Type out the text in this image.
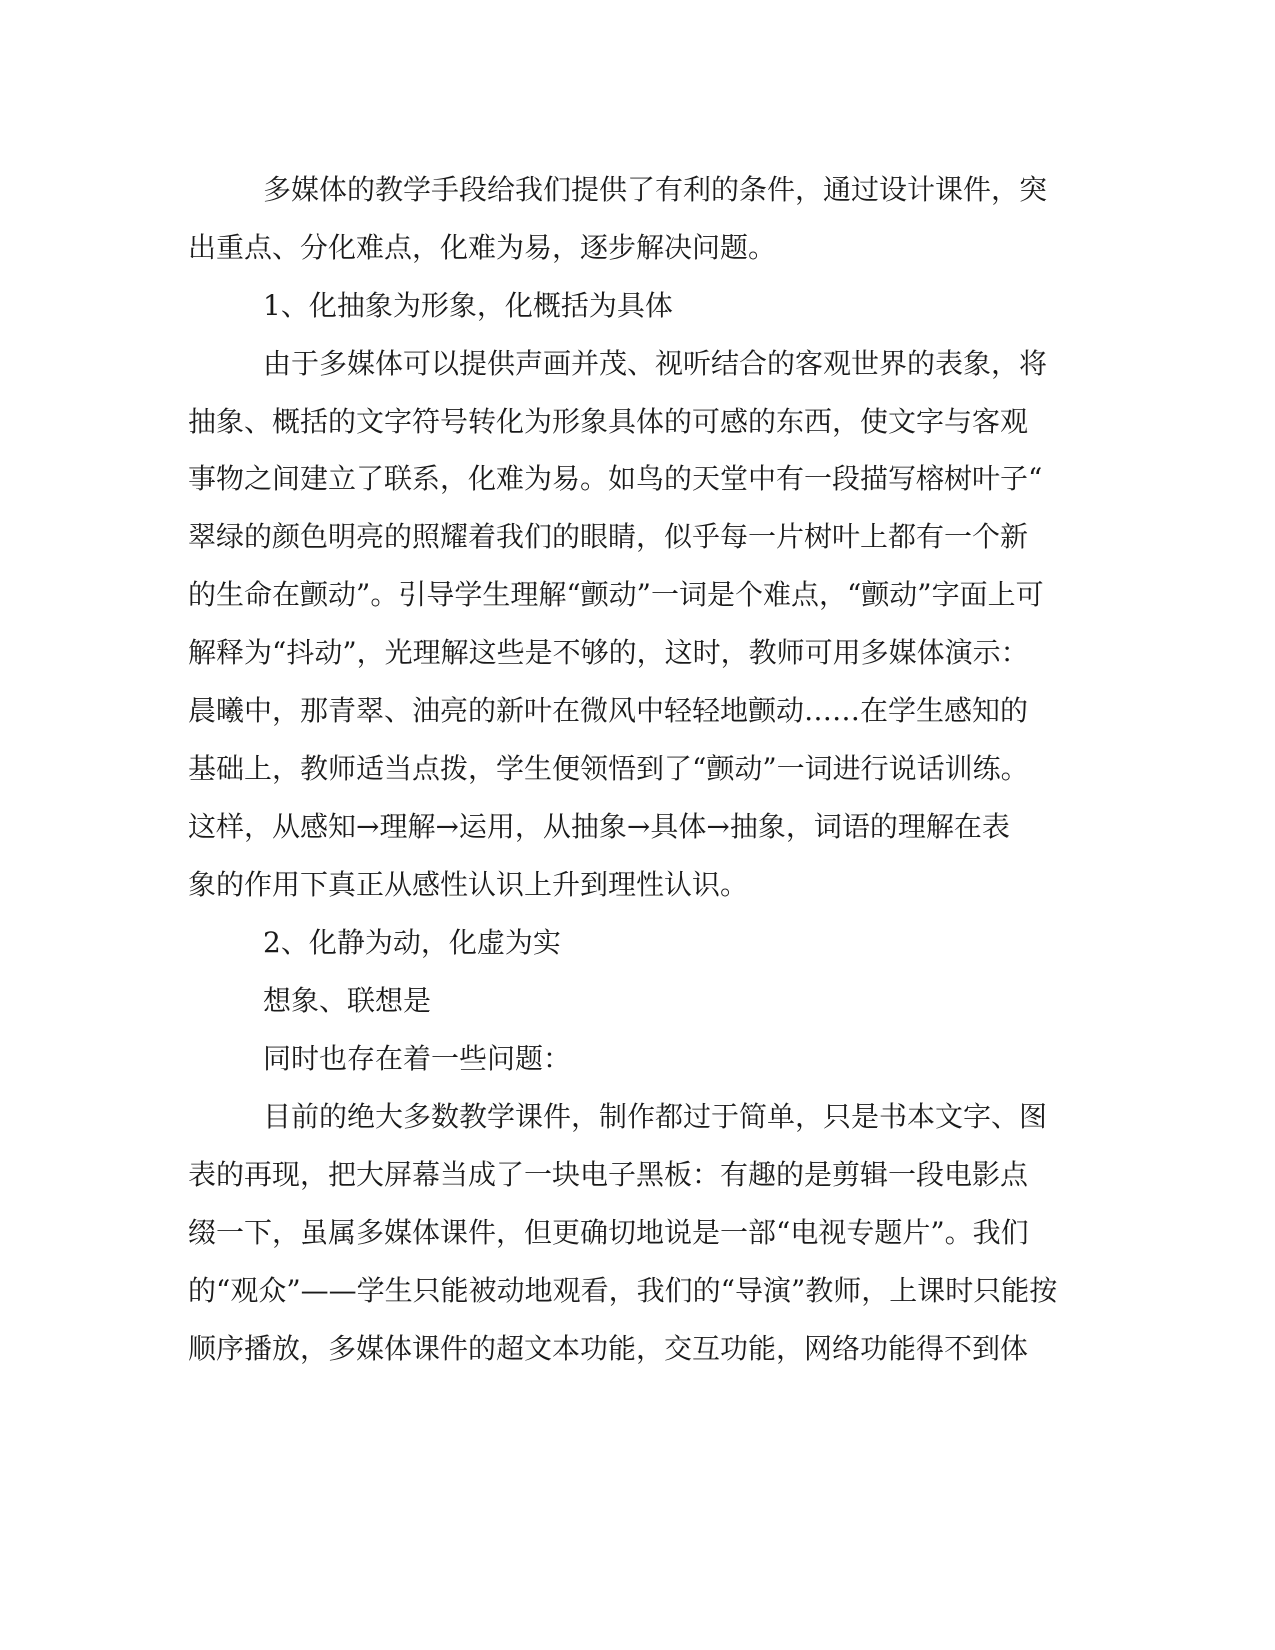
多媒体的教学手段给我们提供了有利的条件，通过设计课件，突
出重点、分化难点，化难为易，逐步解决问题。
1、化抽象为形象，化概括为具体
由于多媒体可以提供声画并茂、视听结合的客观世界的表象，将
抽象、概括的文字符号转化为形象具体的可感的东西，使文字与客观
事物之间建立了联系，化难为易。如鸟的天堂中有一段描写榕树叶子“
翠绿的颜色明亮的照耀着我们的眼睛，似乎每一片树叶上都有一个新
的生命在颤动”。引导学生理解“颤动”一词是个难点，“颤动”字面上可
解释为“抖动”，光理解这些是不够的，这时，教师可用多媒体演示：
晨曦中，那青翠、油亮的新叶在微风中轻轻地颤动……在学生感知的
基础上，教师适当点拨，学生便领悟到了“颤动”一词进行说话训练。
这样，从感知→理解→运用，从抽象→具体→抽象，词语的理解在表
象的作用下真正从感性认识上升到理性认识。
2、化静为动，化虚为实
想象、联想是
同时也存在着一些问题：
目前的绝大多数教学课件，制作都过于简单，只是书本文字、图
表的再现，把大屏幕当成了一块电子黑板：有趣的是剪辑一段电影点
缀一下，虽属多媒体课件，但更确切地说是一部“电视专题片”。我们
的“观众”——学生只能被动地观看，我们的“导演”教师，上课时只能按
顺序播放，多媒体课件的超文本功能，交互功能，网络功能得不到体
